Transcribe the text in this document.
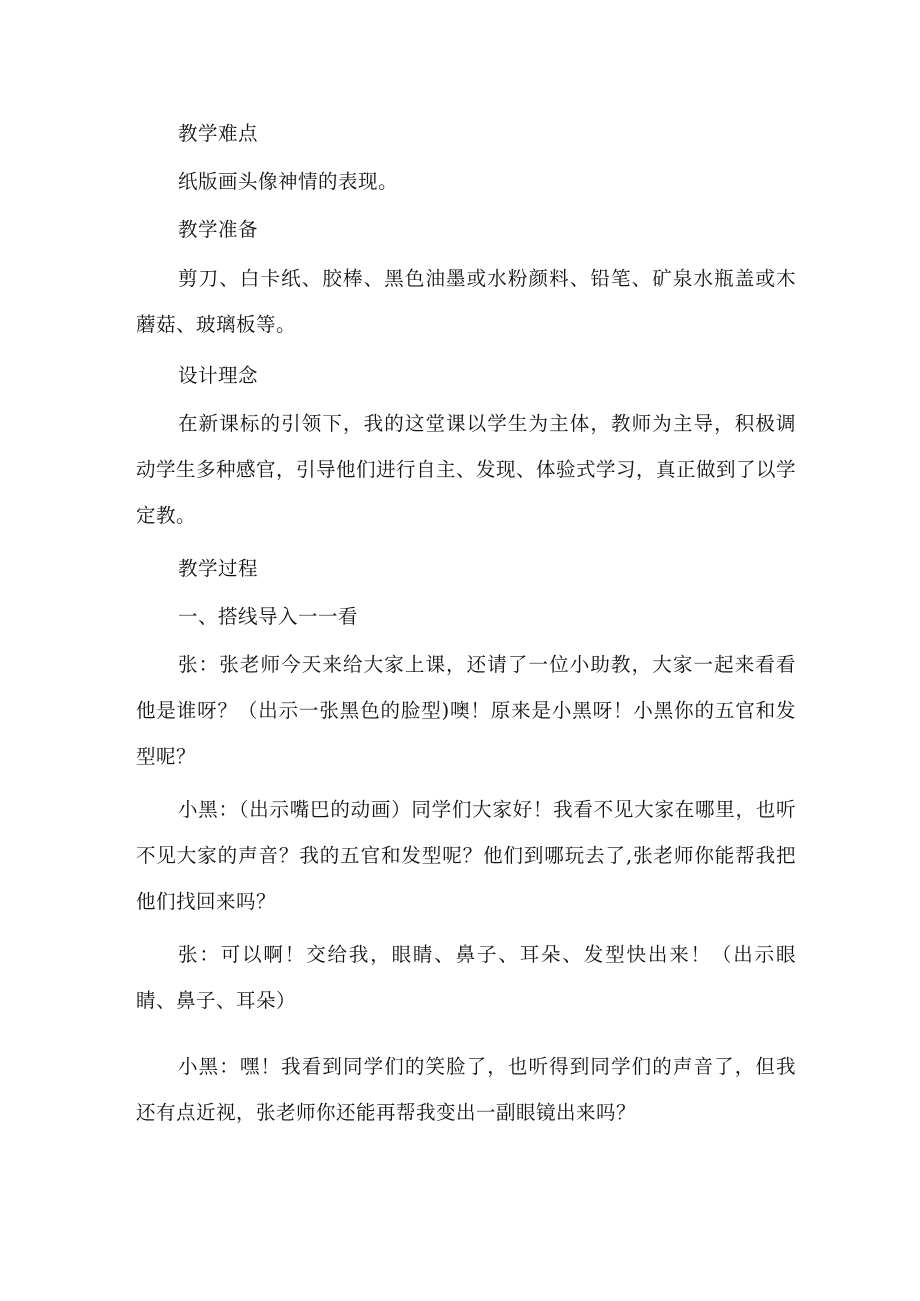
教学难点

纸版画头像神情的表现。

教学准备

剪刀、白卡纸、胶棒、黑色油墨或水粉颜料、铅笔、矿泉水瓶盖或木蘑菇、玻璃板等。

设计理念

在新课标的引领下，我的这堂课以学生为主体，教师为主导，积极调动学生多种感官，引导他们进行自主、发现、体验式学习，真正做到了以学定教。

教学过程

一、搭线导入一一看

张：张老师今天来给大家上课，还请了一位小助教，大家一起来看看他是谁呀？（出示一张黑色的脸型)噢！原来是小黑呀！小黑你的五官和发型呢？

小黑：（出示嘴巴的动画）同学们大家好！我看不见大家在哪里，也听不见大家的声音？我的五官和发型呢？他们到哪玩去了,张老师你能帮我把他们找回来吗？

张：可以啊！交给我，眼睛、鼻子、耳朵、发型快出来！（出示眼睛、鼻子、耳朵）

小黑：嘿！我看到同学们的笑脸了，也听得到同学们的声音了，但我还有点近视，张老师你还能再帮我变出一副眼镜出来吗？
